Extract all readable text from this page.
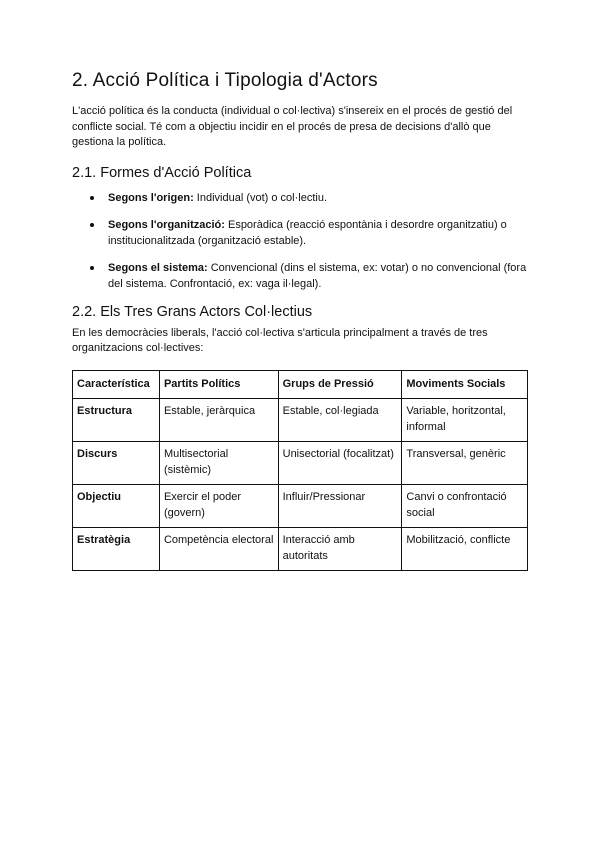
2. Acció Política i Tipologia d'Actors

L'acció política és la conducta (individual o col·lectiva) s'insereix en el procés de gestió del conflicte social. Té com a objectiu incidir en el procés de presa de decisions d'allò que gestiona la política.

2.1. Formes d'Acció Política
Segons l'origen: Individual (vot) o col·lectiu.
Segons l'organització: Esporàdica (reacció espontània i desordre organitzatiu) o institucionalitzada (organització estable).
Segons el sistema: Convencional (dins el sistema, ex: votar) o no convencional (fora del sistema. Confrontació, ex: vaga il·legal).
2.2. Els Tres Grans Actors Col·lectius

En les democràcies liberals, l'acció col·lectiva s'articula principalment a través de tres organitzacions col·lectives:

Característica	Partits Polítics	Grups de Pressió	Moviments Socials
Estructura	Estable, jeràrquica	Estable, col·legiada	Variable, horitzontal, informal
Discurs	Multisectorial (sistèmic)	Unisectorial (focalitzat)	Transversal, genèric
Objectiu	Exercir el poder (govern)	Influir/Pressionar	Canvi o confrontació social
Estratègia	Competència electoral	Interacció amb autoritats	Mobilització, conflicte
